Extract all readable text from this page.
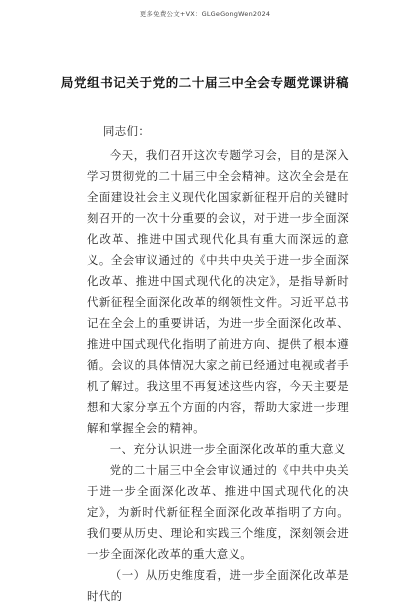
更多免费公文+VX：GLGeGongWen2024
局党组书记关于党的二十届三中全会专题党课讲稿

同志们：

今天，我们召开这次专题学习会，目的是深入学习贯彻党的二十届三中全会精神。这次全会是在全面建设社会主义现代化国家新征程开启的关键时刻召开的一次十分重要的会议，对于进一步全面深化改革、推进中国式现代化具有重大而深远的意义。全会审议通过的《中共中央关于进一步全面深化改革、推进中国式现代化的决定》，是指导新时代新征程全面深化改革的纲领性文件。习近平总书记在全会上的重要讲话，为进一步全面深化改革、推进中国式现代化指明了前进方向、提供了根本遵循。会议的具体情况大家之前已经通过电视或者手机了解过。我这里不再复述这些内容，今天主要是想和大家分享五个方面的内容，帮助大家进一步理解和掌握全会的精神。

一、充分认识进一步全面深化改革的重大意义

党的二十届三中全会审议通过的《中共中央关于进一步全面深化改革、推进中国式现代化的决定》，为新时代新征程全面深化改革指明了方向。我们要从历史、理论和实践三个维度，深刻领会进一步全面深化改革的重大意义。

（一）从历史维度看，进一步全面深化改革是时代的
